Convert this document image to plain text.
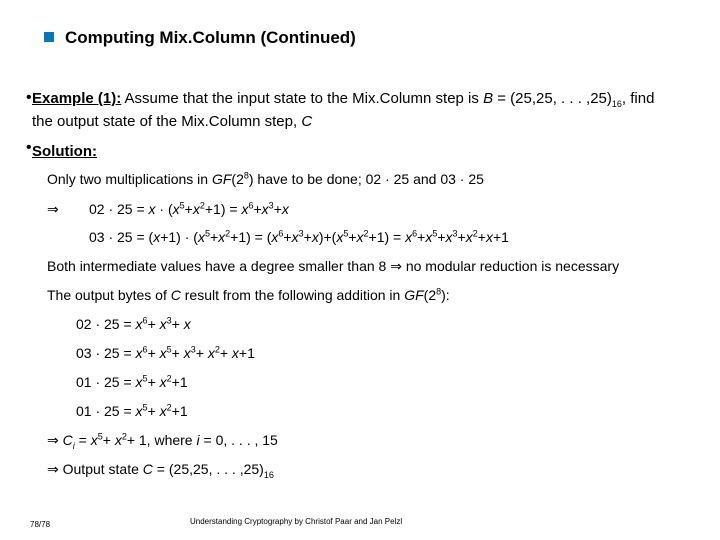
Computing Mix.Column (Continued)
• Example (1): Assume that the input state to the Mix.Column step is B = (25,25, . . . $,25)_{16}$, find
the output state of the Mix.Column step, C
• Solution:
Only two multiplications in $GF(2^8)$ have to be done; 02 · 25 and 03 · 25
⇒ $02 \cdot 25 = x \cdot (x^5+x^2+1) = x^6+x^3+x$
$03 \cdot 25 = (x+1) \cdot (x^5+x^2+1) = (x^6+x^3+x)+(x^5+x^2+1) = x^6+x^5+x^3+x^2+x+1$
Both intermediate values have a degree smaller than 8 ⇒ no modular reduction is necessary
The output bytes of C result from the following addition in $GF(2^8)$:
$02 \cdot 25 = x^6+ x^3+ x$
$03 \cdot 25 = x^6+ x^5+ x^3+ x^2+ x+1$
$01 \cdot 25 = x^5+ x^2+1$
$01 \cdot 25 = x^5+ x^2+1$
⇒ $C_i = x^5+ x^2+ 1$, where i = 0, . . . , 15
⇒ Output state C = (25,25, . . . $,25)_{16}$
78/78	Understanding Cryptography by Christof Paar and Jan Pelzl
